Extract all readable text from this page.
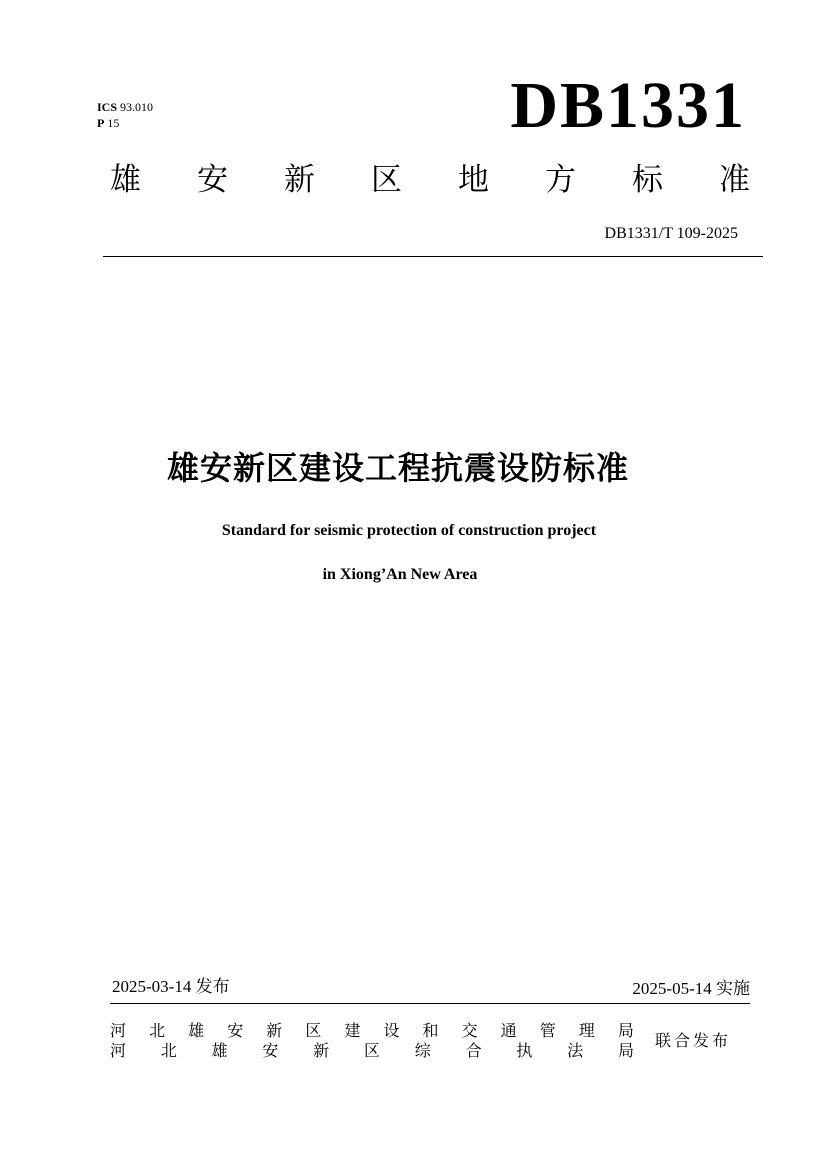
ICS 93.010
P 15	DB1331
雄 安 新 区 地 方 标 准
DB1331/T 109-2025
雄安新区建设工程抗震设防标准
Standard for seismic protection of construction project
in Xiong’An New Area
2025-03-14 发布	2025-05-14 实施
河 北 雄 安 新 区 建 设 和 交 通 管 理 局
河 北 雄 安 新 区 综 合 执 法 局
联合发布
